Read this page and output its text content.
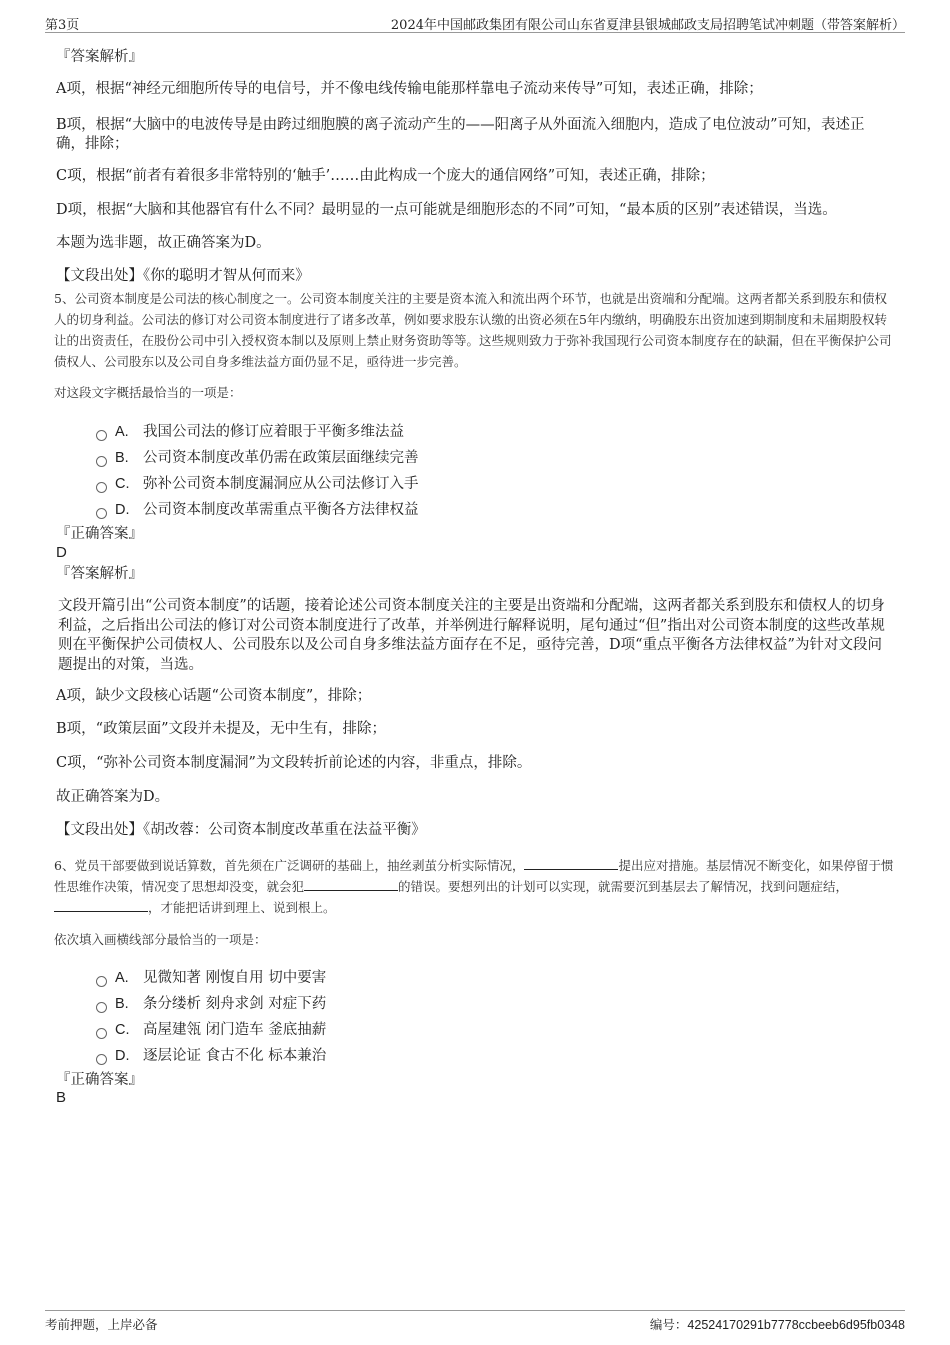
第3页	2024年中国邮政集团有限公司山东省夏津县银城邮政支局招聘笔试冲刺题（带答案解析）
『答案解析』
A项，根据“神经元细胞所传导的电信号，并不像电线传输电能那样靠电子流动来传导”可知，表述正确，排除；
B项，根据“大脑中的电波传导是由跨过细胞膜的离子流动产生的——阳离子从外面流入细胞内，造成了电位波动”可知，表述正确，排除；
C项，根据“前者有着很多非常特别的‘触手’……由此构成一个庞大的通信网络”可知，表述正确，排除；
D项，根据“大脑和其他器官有什么不同？最明显的一点可能就是细胞形态的不同”可知，“最本质的区别”表述错误，当选。
本题为选非题，故正确答案为D。
【文段出处】《你的聪明才智从何而来》
5、公司资本制度是公司法的核心制度之一。公司资本制度关注的主要是资本流入和流出两个环节，也就是出资端和分配端。这两者都关系到股东和债权人的切身利益。公司法的修订对公司资本制度进行了诸多改革，例如要求股东认缴的出资必须在5年内缴纳，明确股东出资加速到期制度和未届期股权转让的出资责任，在股份公司中引入授权资本制以及原则上禁止财务资助等等。这些规则致力于弥补我国现行公司资本制度存在的缺漏，但在平衡保护公司债权人、公司股东以及公司自身多维法益方面仍显不足，亟待进一步完善。
对这段文字概括最恰当的一项是：
A. 我国公司法的修订应着眼于平衡多维法益
B. 公司资本制度改革仍需在政策层面继续完善
C. 弥补公司资本制度漏洞应从公司法修订入手
D. 公司资本制度改革需重点平衡各方法律权益
『正确答案』
D
『答案解析』
文段开篇引出“公司资本制度”的话题，接着论述公司资本制度关注的主要是出资端和分配端，这两者都关系到股东和债权人的切身利益，之后指出公司法的修订对公司资本制度进行了改革，并举例进行解释说明，尾句通过“但”指出对公司资本制度的这些改革规则在平衡保护公司债权人、公司股东以及公司自身多维法益方面存在不足，亟待完善，D项“重点平衡各方法律权益”为针对文段问题提出的对策，当选。
A项，缺少文段核心话题“公司资本制度”，排除；
B项，“政策层面”文段并未提及，无中生有，排除；
C项，“弥补公司资本制度漏洞”为文段转折前论述的内容，非重点，排除。
故正确答案为D。
【文段出处】《胡改蓉：公司资本制度改革重在法益平衡》
6、党员干部要做到说话算数，首先须在广泛调研的基础上，抽丝剥茧分析实际情况，	提出应对措施。基层情况不断变化，如果停留于惯性思维作决策，情况变了思想却没变，就会犯	的错误。要想列出的计划可以实现，就需要沉到基层去了解情况，找到问题症结，，才能把话讲到理上、说到根上。
依次填入画横线部分最恰当的一项是：
A. 见微知著 刚愎自用 切中要害
B. 条分缕析 刻舟求剑 对症下药
C. 高屋建瓴 闭门造车 釜底抽薪
D. 逐层论证 食古不化 标本兼治
『正确答案』
B
考前押题，上岸必备	编号：42524170291b7778ccbeeb6d95fb0348
